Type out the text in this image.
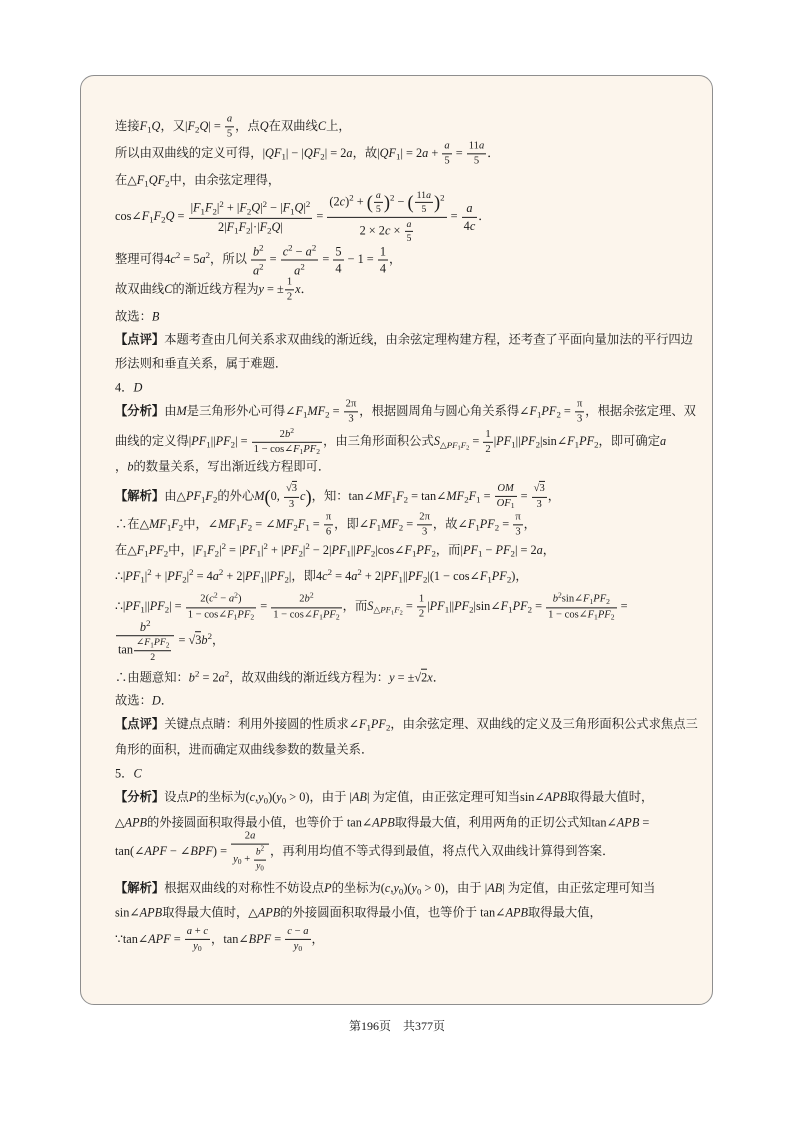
连接$F_1Q$，又$|F_2Q| = \frac{a}{5}$ ，点Q在双曲线C上，
所以由双曲线的定义可得，$|QF_1| - |QF_2| = 2a$，故$|QF_1| = 2a + \frac{a}{5} = \frac{11a}{5}$ ．
在$\triangle F_1QF_2$中，由余弦定理得，
$\cos\angle F_1F_2Q = \frac{|F_1F_2|^2 + |F_2Q|^2 - |F_1Q|^2}{2|F_1F_2|\cdot|F_2Q|} = \frac{(2c)^2 + ( \frac{a}{5} )^2 - ( \frac{11a}{5} )^2}{2 \times 2c \times \frac{a}{5}} = \frac{a}{4c}$ ．
整理可得$4c^2 = 5a^2$，所以 $\frac{b^2}{a^2} = \frac{c^2 - a^2}{a^2} = \frac{5}{4} - 1 = \frac{1}{4}$ ，
故双曲线C的渐近线方程为y = ± $\frac{1}{2}$ x．
故选：B
【点评】本题考查由几何关系求双曲线的渐近线，由余弦定理构建方程，还考查了平面向量加法的平行四边
形法则和垂直关系，属于难题．
4．D
【分析】由M是三角形外心可得$\angle F_1MF_2 = \frac{2\pi}{3}$ ，根据圆周角与圆心角关系得$\angle F_1PF_2 = \frac{\pi}{3}$ ，根据余弦定理、双
曲线的定义得$|PF_1||PF_2| = \frac{2b^2}{1 - \cos\angle F_1PF_2}$ ，由三角形面积公式$S_{\triangle PF_1F_2} = \frac{1}{2}$ $|PF_1||PF_2|\sin\angle F_1PF_2$，即可确定a
，b的数量关系，写出渐近线方程即可．
【解析】由$\triangle PF_1F_2$的外心M(0, $\frac{√3}{3} c$)，知：$\tan\angle MF_1F_2$ = $\tan\angle MF_2F_1 = \frac{OM}{OF_1} = \frac{√3}{3}$ ，
∴在$\triangle MF_1F_2$中，$\angle MF_1F_2$ = $\angle MF_2F_1 = \frac{\pi}{6}$ ，即$\angle F_1MF_2 = \frac{2\pi}{3}$ ，故$\angle F_1PF_2 = \frac{\pi}{3}$ ，
在$\triangle F_1PF_2$中，$|F_1F_2|^2 = |PF_1|^2 + |PF_2|^2$ − $2|PF_1||PF_2|\cos\angle F_1PF_2$，而$|PF_1 - PF_2| = 2a$，
$\therefore|PF_1|^2 + |PF_2|^2 = 4a^2 + 2|PF_1||PF_2|$，即$4c^2 = 4a^2 + 2|PF_1||PF_2|(1$ − $\cos\angle F_1PF_2$)，
$\therefore|PF_1||PF_2| = \frac{2(c^2 - a^2)}{1 - \cos\angle F_1PF_2} = \frac{2b^2}{1 - \cos\angle F_1PF_2}$ ，而$S_{\triangle PF_1F_2} = \frac{1}{2}$ $|PF_1||PF_2|\sin\angle F_1PF_2 = \frac{b^2\sin\angle F_1PF_2}{1 - \cos\angle F_1PF_2}$ =
$\frac{b^2}{\tan \frac{\angle F_1PF_2}{2}} = √3b^2$，
∴由题意知：$b^2 = 2a^2$，故双曲线的渐近线方程为：y = ±√2x．
故选：D．
【点评】关键点点睛：利用外接圆的性质求$\angle F_1PF_2$，由余弦定理、双曲线的定义及三角形面积公式求焦点三
角形的面积，进而确定双曲线参数的数量关系．
5．C
【分析】设点P的坐标为$(c,y_0)(y_0 > 0)$，由于 |AB| 为定值，由正弦定理可知当sin∠APB取得最大值时，
△APB的外接圆面积取得最小值，也等价于 tan∠APB取得最大值，利用两角的正切公式知tan∠APB =
tan(∠APF − ∠BPF) = $\frac{2a}{y_0 + \frac{b^2}{y_0}}$ ，再利用均值不等式得到最值，将点代入双曲线计算得到答案．
【解析】根据双曲线的对称性不妨设点P的坐标为$(c,y_0)(y_0 > 0)$，由于 |AB| 为定值，由正弦定理可知当
sin∠APB取得最大值时，△APB的外接圆面积取得最小值，也等价于 tan∠APB取得最大值，
∵tan∠APF = $\frac{a + c}{y_0}$ ，tan∠BPF = $\frac{c - a}{y_0}$ ，
第196页　共377页
